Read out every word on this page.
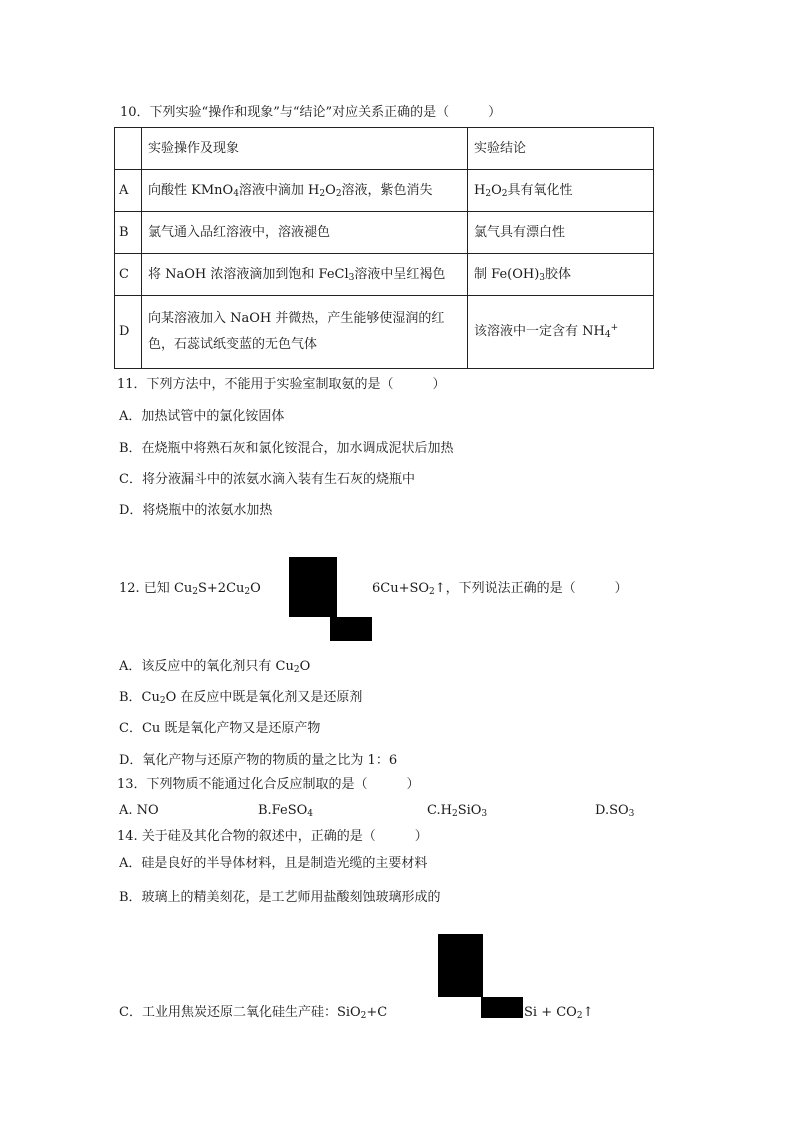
10．下列实验“操作和现象”与“结论”对应关系正确的是（　　　）
	实验操作及现象	实验结论
A	向酸性 KMnO$_4$溶液中滴加 $H_2O_2$溶液，紫色消失	$H_2O_2$具有氧化性
B	氯气通入品红溶液中，溶液褪色	氯气具有漂白性
C	将 NaOH 浓溶液滴加到饱和 FeCl$_3$溶液中呈红褐色	制 $Fe(OH)_3$胶体
D	向某溶液加入 NaOH 并微热，产生能够使湿润的红色，石蕊试纸变蓝的无色气体	该溶液中一定含有 $NH_4^+$
11．下列方法中，不能用于实验室制取氨的是（　　　）
A．加热试管中的氯化铵固体
B．在烧瓶中将熟石灰和氯化铵混合，加水调成泥状后加热
C．将分液漏斗中的浓氨水滴入装有生石灰的烧瓶中
D．将烧瓶中的浓氨水加热
12. 已知 $Cu_2S+2Cu_2O$	$6Cu+SO_2↑$，下列说法正确的是（　　　）
A．该反应中的氧化剂只有 $Cu_2O$
B．$Cu_2O$ 在反应中既是氧化剂又是还原剂
C．Cu 既是氧化产物又是还原产物
D．氧化产物与还原产物的物质的量之比为 1：6
13．下列物质不能通过化合反应制取的是（　　　）
A. NO	B.FeSO$_4$	$C.H_2SiO_3$	$D.SO_3$
14. 关于硅及其化合物的叙述中，正确的是（　　　）
A．硅是良好的半导体材料，且是制造光缆的主要材料
B．玻璃上的精美刻花，是工艺师用盐酸刻蚀玻璃形成的
C．工业用焦炭还原二氧化硅生产硅：SiO$_2$+C	$Si + CO_2↑$
